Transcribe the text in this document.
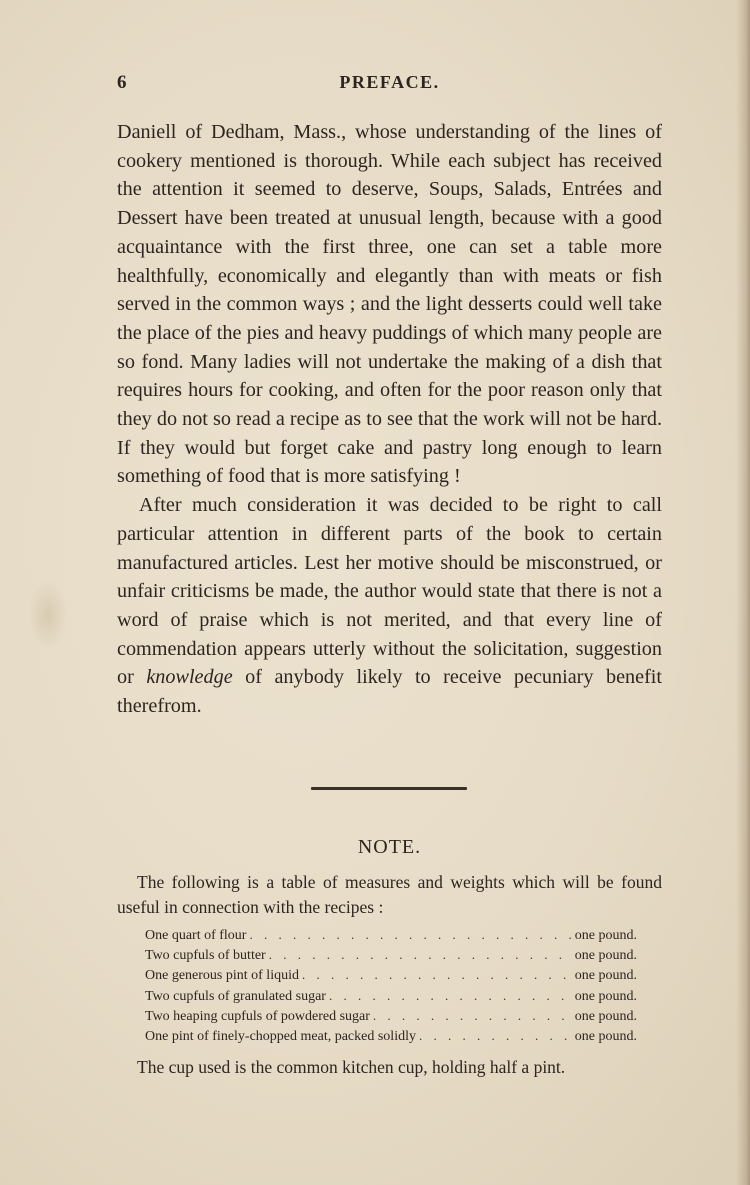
6	PREFACE.

Daniell of Dedham, Mass., whose understanding of the lines of cookery mentioned is thorough. While each subject has received the attention it seemed to deserve, Soups, Salads, Entrées and Dessert have been treated at unusual length, because with a good acquaintance with the first three, one can set a table more healthfully, economically and elegantly than with meats or fish served in the common ways ; and the light desserts could well take the place of the pies and heavy puddings of which many people are so fond. Many ladies will not undertake the making of a dish that requires hours for cooking, and often for the poor reason only that they do not so read a recipe as to see that the work will not be hard. If they would but forget cake and pastry long enough to learn something of food that is more satisfying !

After much consideration it was decided to be right to call particular attention in different parts of the book to certain manufactured articles. Lest her motive should be misconstrued, or unfair criticisms be made, the author would state that there is not a word of praise which is not merited, and that every line of commendation appears utterly without the solicitation, suggestion or knowledge of anybody likely to receive pecuniary benefit therefrom.

NOTE.

The following is a table of measures and weights which will be found useful in connection with the recipes :

One quart of flour . . .	one pound.
Two cupfuls of butter . . .	one pound.
One generous pint of liquid . . .	one pound.
Two cupfuls of granulated sugar . . .	one pound.
Two heaping cupfuls of powdered sugar . . .	one pound.
One pint of finely-chopped meat, packed solidly . . .	one pound.

The cup used is the common kitchen cup, holding half a pint.
